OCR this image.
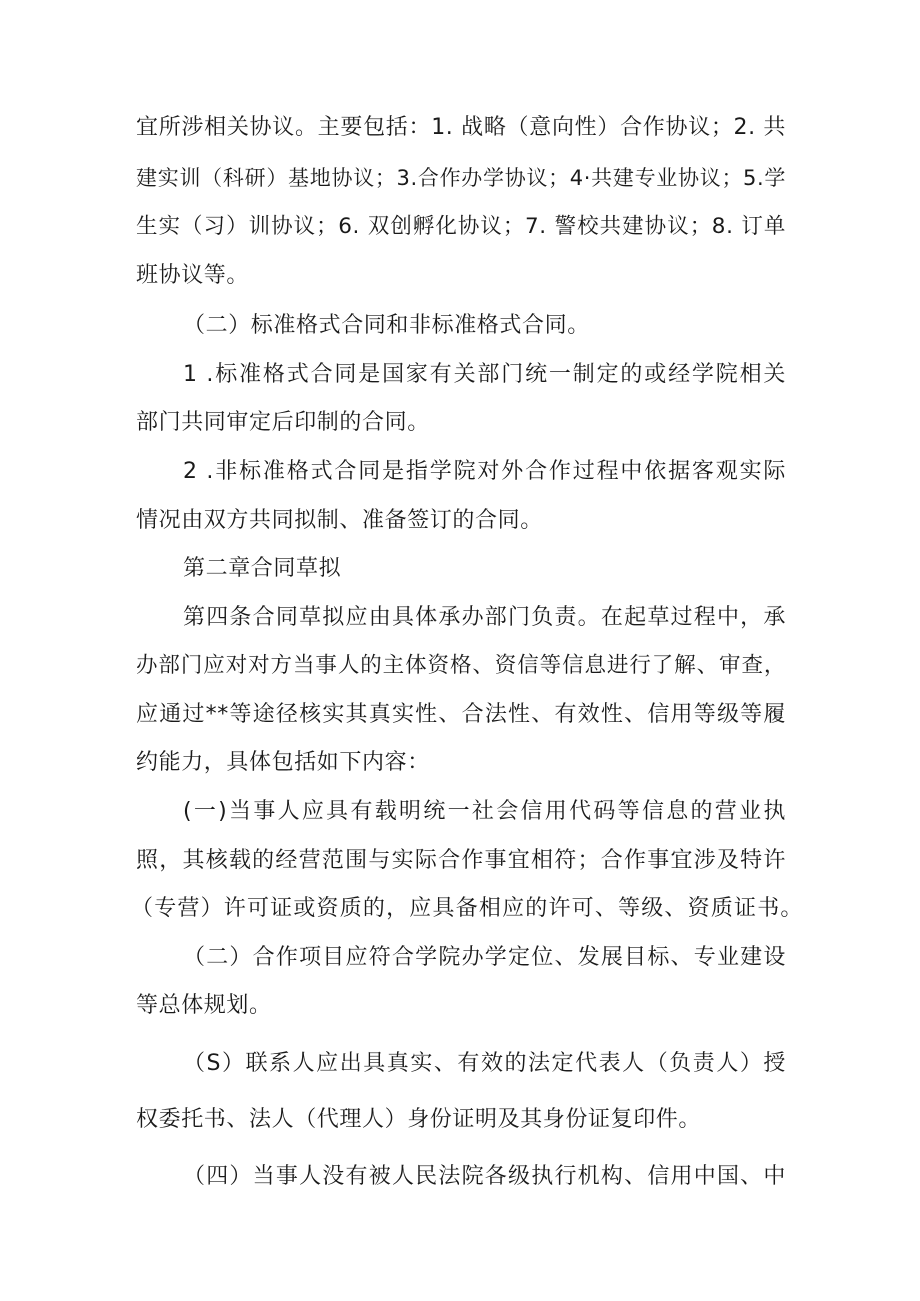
宜所涉相关协议。主要包括：1. 战略（意向性）合作协议；2. 共

建实训（科研）基地协议；3.合作办学协议；4·共建专业协议；5.学

生实（习）训协议；6. 双创孵化协议；7. 警校共建协议；8. 订单

班协议等。

（二）标准格式合同和非标准格式合同。

1 .标准格式合同是国家有关部门统一制定的或经学院相关

部门共同审定后印制的合同。

2 .非标准格式合同是指学院对外合作过程中依据客观实际

情况由双方共同拟制、准备签订的合同。

第二章合同草拟

第四条合同草拟应由具体承办部门负责。在起草过程中，承

办部门应对对方当事人的主体资格、资信等信息进行了解、审查，

应通过**等途径核实其真实性、合法性、有效性、信用等级等履

约能力，具体包括如下内容：

(一)当事人应具有载明统一社会信用代码等信息的营业执

照，其核载的经营范围与实际合作事宜相符；合作事宜涉及特许

（专营）许可证或资质的，应具备相应的许可、等级、资质证书。

（二）合作项目应符合学院办学定位、发展目标、专业建设

等总体规划。

（S）联系人应出具真实、有效的法定代表人（负责人）授

权委托书、法人（代理人）身份证明及其身份证复印件。

（四）当事人没有被人民法院各级执行机构、信用中国、中
